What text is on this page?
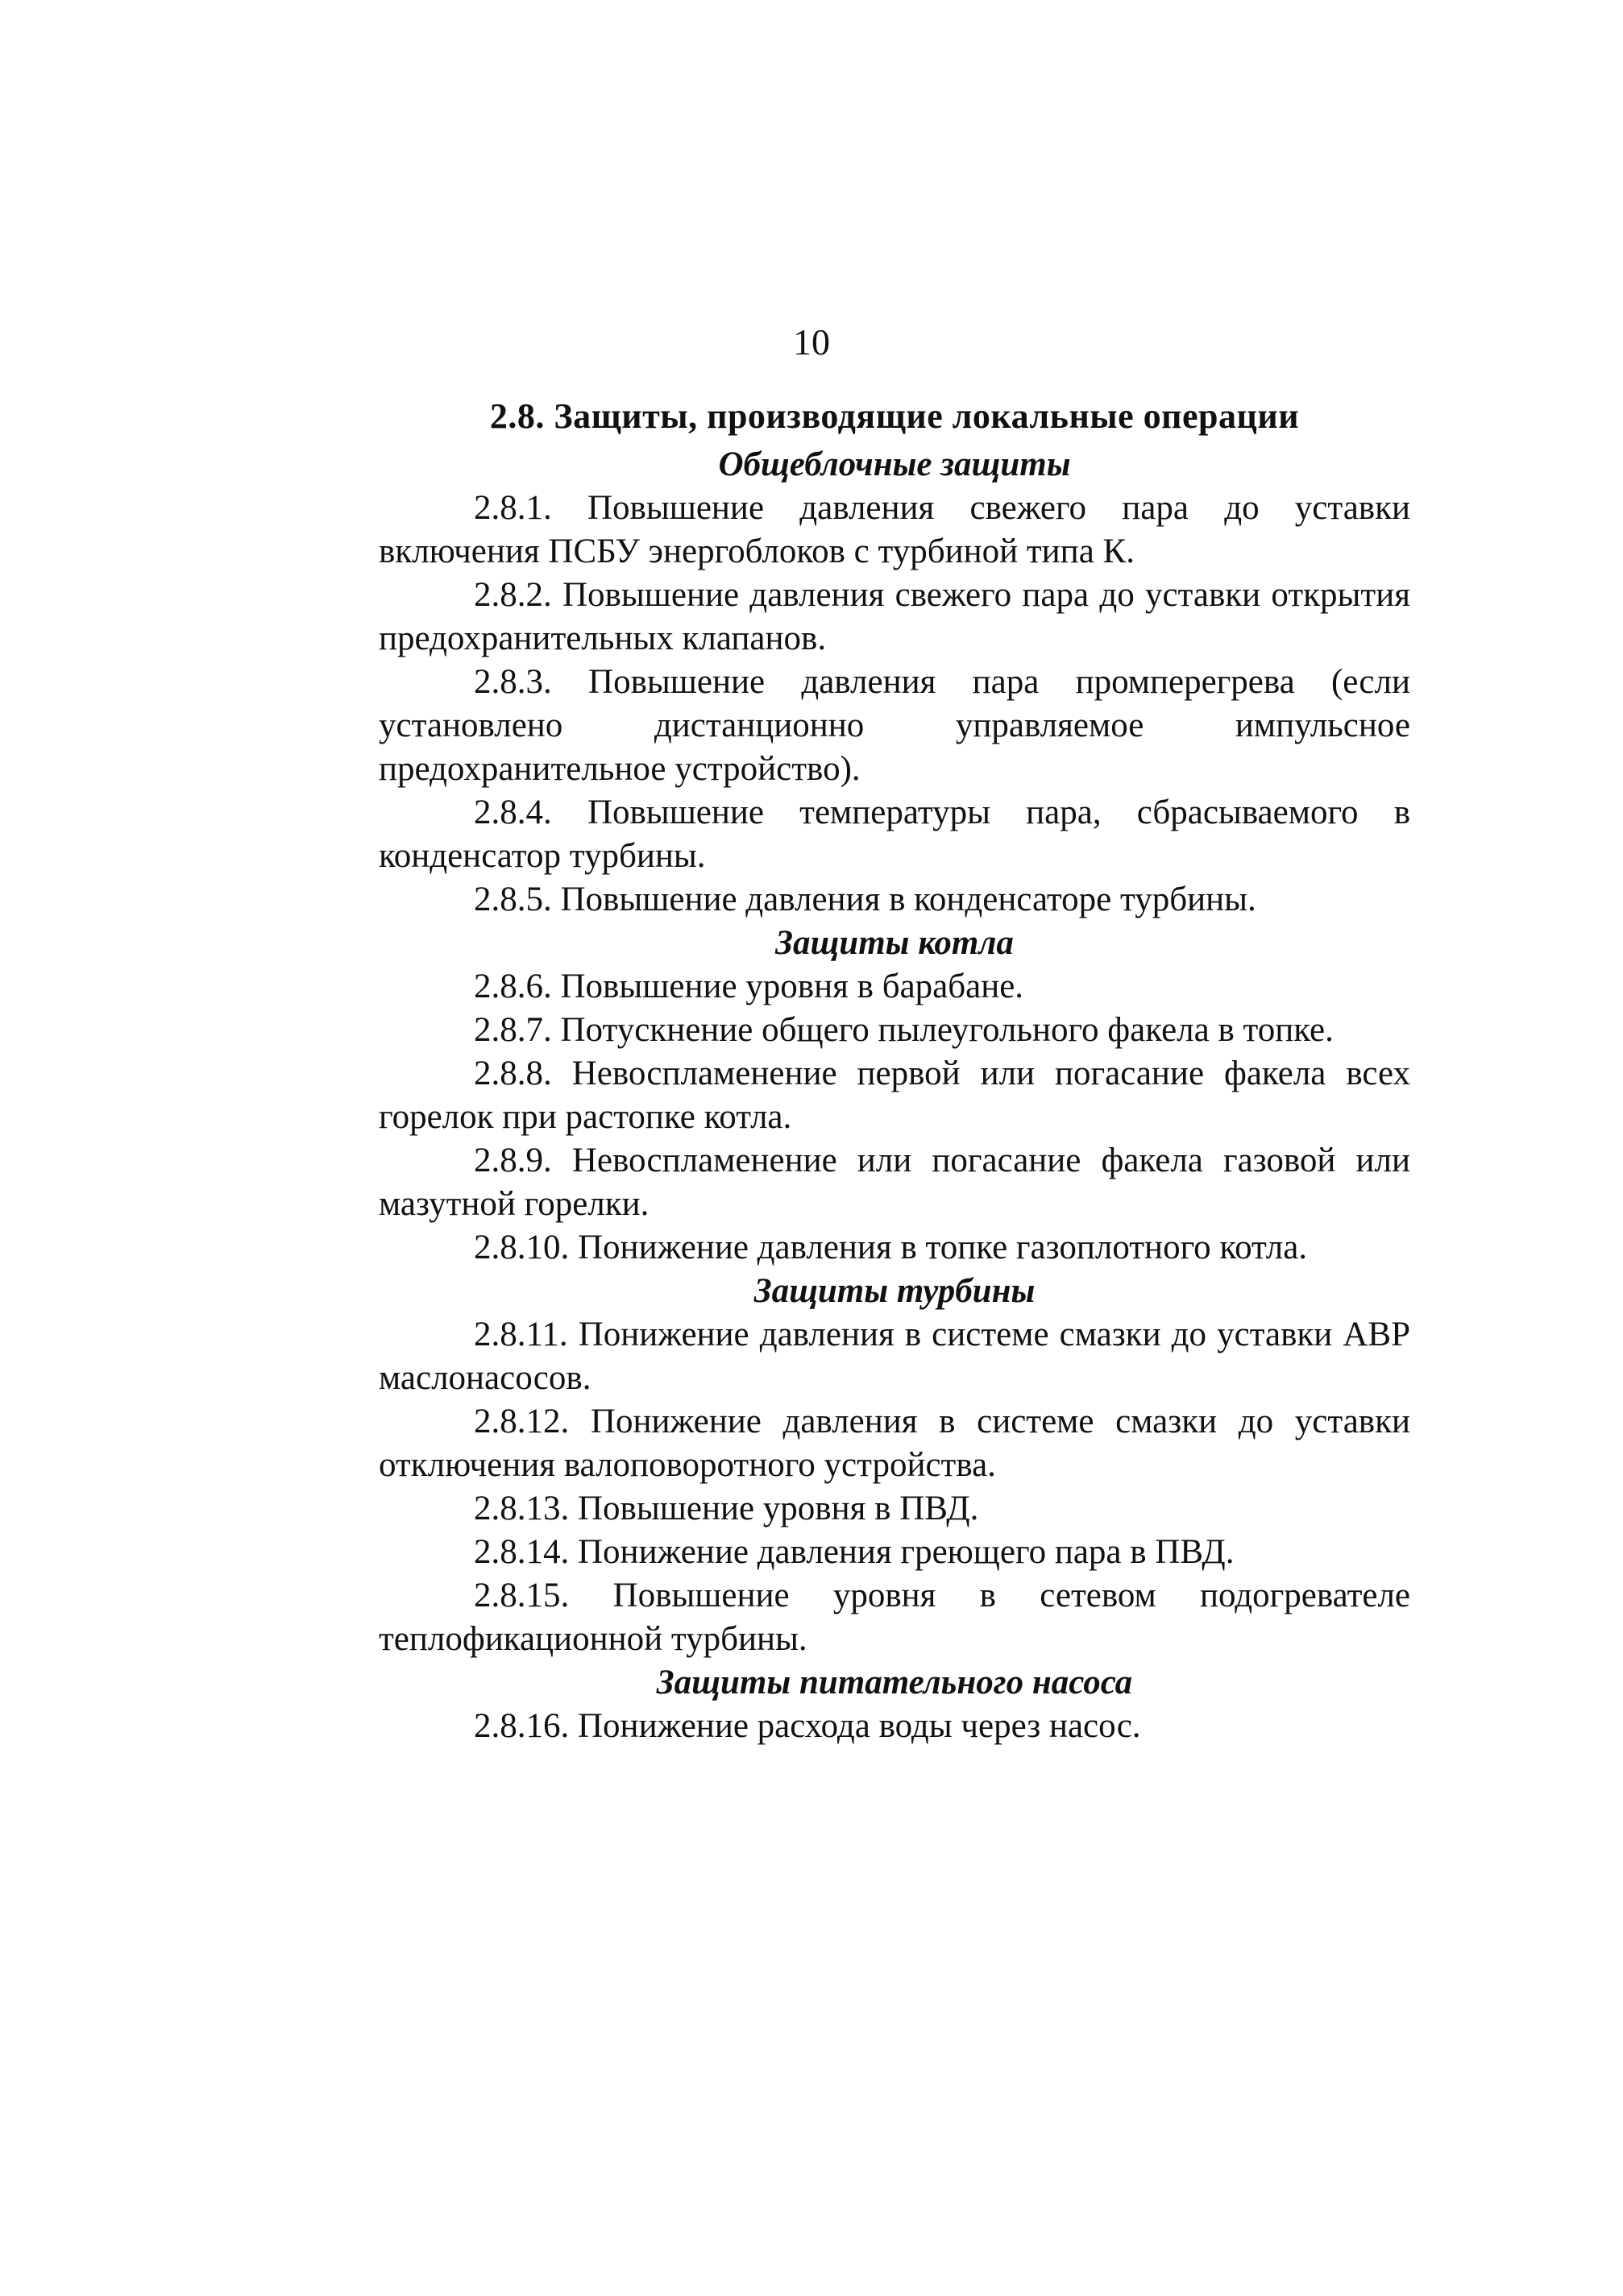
10
2.8. Защиты, производящие локальные операции
Общеблочные защиты

2.8.1. Повышение давления свежего пара до уставки включения ПСБУ энергоблоков с турбиной типа К.

2.8.2. Повышение давления свежего пара до уставки открытия предохранительных клапанов.

2.8.3. Повышение давления пара промперегрева (если установлено дистанционно управляемое импульсное предохранительное устройство).

2.8.4. Повышение температуры пара, сбрасываемого в конденсатор турбины.

2.8.5. Повышение давления в конденсаторе турбины.

Защиты котла

2.8.6. Повышение уровня в барабане.

2.8.7. Потускнение общего пылеугольного факела в топке.

2.8.8. Невоспламенение первой или погасание факела всех горелок при растопке котла.

2.8.9. Невоспламенение или погасание факела газовой или мазутной горелки.

2.8.10. Понижение давления в топке газоплотного котла.

Защиты турбины

2.8.11. Понижение давления в системе смазки до уставки АВР маслонасосов.

2.8.12. Понижение давления в системе смазки до уставки отключения валоповоротного устройства.

2.8.13. Повышение уровня в ПВД.

2.8.14. Понижение давления греющего пара в ПВД.

2.8.15. Повышение уровня в сетевом подогревателе теплофикационной турбины.

Защиты питательного насоса

2.8.16. Понижение расхода воды через насос.
